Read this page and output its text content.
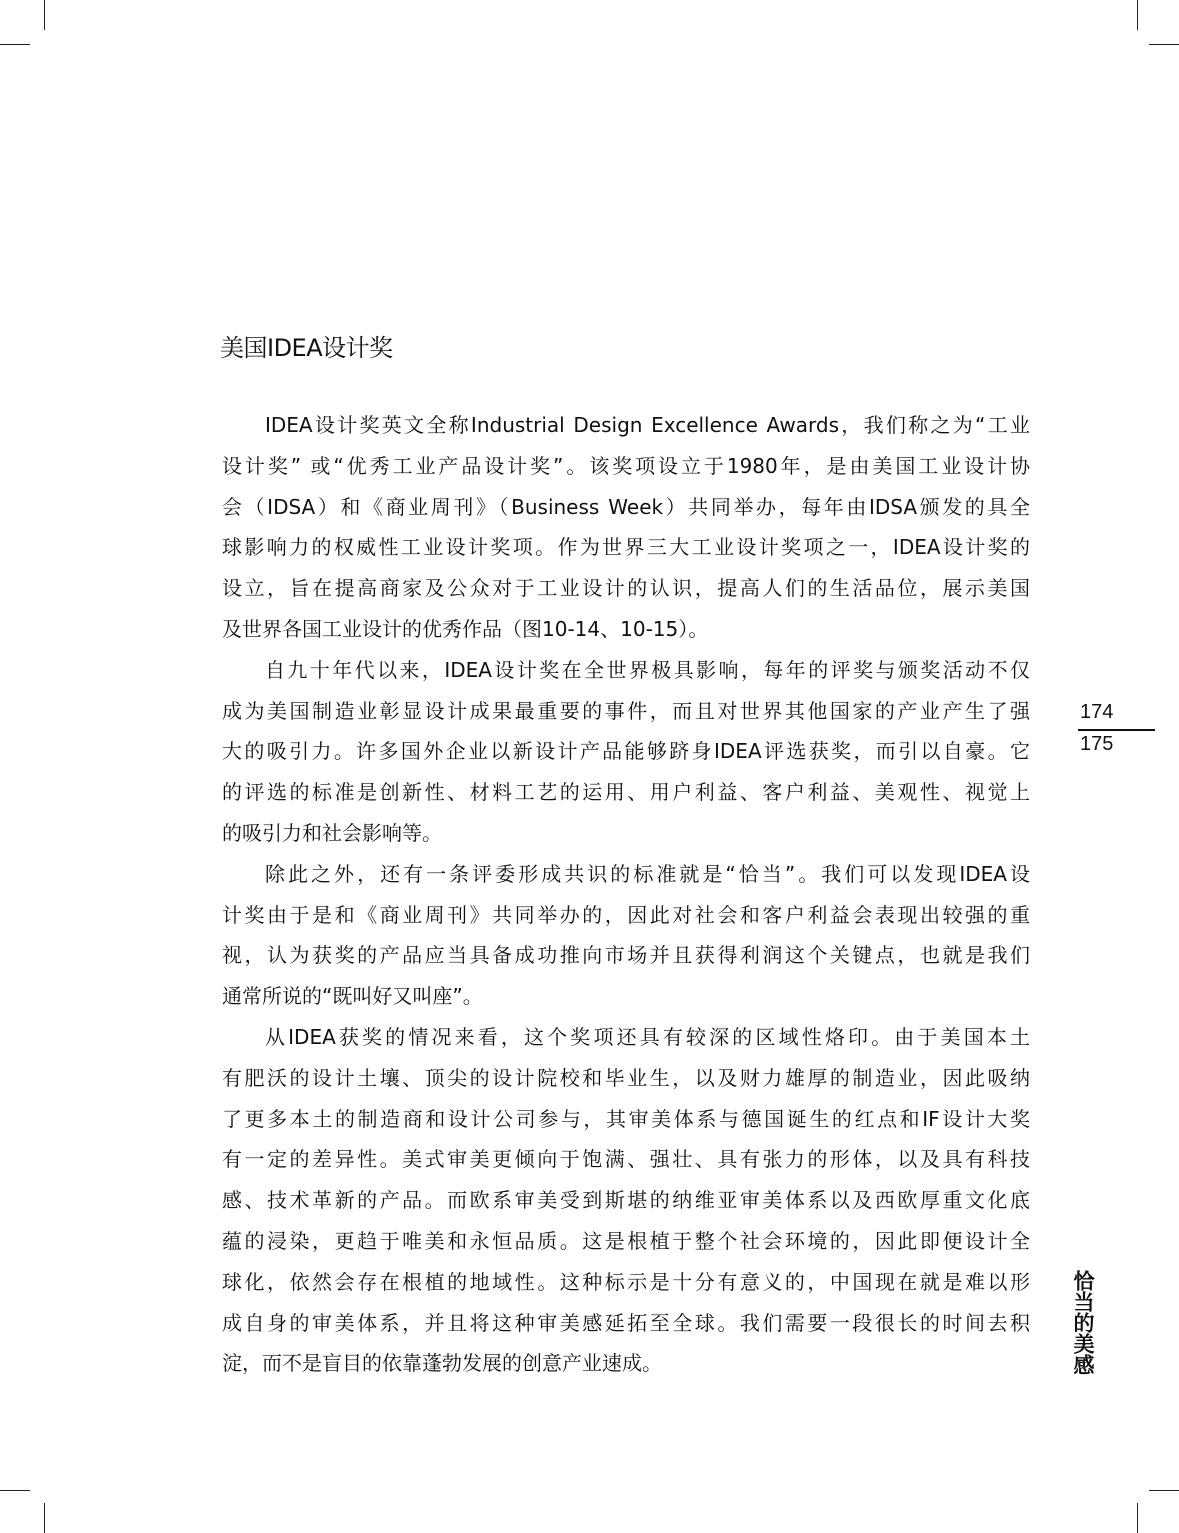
美国IDEA设计奖
IDEA设计奖英文全称Industrial Design Excellence Awards，我们称之为“工业
设计奖” 或“优秀工业产品设计奖”。该奖项设立于1980年，是由美国工业设计协
会（IDSA）和《商业周刊》（Business Week）共同举办，每年由IDSA颁发的具全
球影响力的权威性工业设计奖项。作为世界三大工业设计奖项之一，IDEA设计奖的
设立，旨在提高商家及公众对于工业设计的认识，提高人们的生活品位，展示美国
及世界各国工业设计的优秀作品（图10-14、10-15）。
自九十年代以来，IDEA设计奖在全世界极具影响，每年的评奖与颁奖活动不仅
成为美国制造业彰显设计成果最重要的事件，而且对世界其他国家的产业产生了强
大的吸引力。许多国外企业以新设计产品能够跻身IDEA评选获奖，而引以自豪。它
的评选的标准是创新性、材料工艺的运用、用户利益、客户利益、美观性、视觉上
的吸引力和社会影响等。
除此之外，还有一条评委形成共识的标准就是“恰当”。我们可以发现IDEA设
计奖由于是和《商业周刊》共同举办的，因此对社会和客户利益会表现出较强的重
视，认为获奖的产品应当具备成功推向市场并且获得利润这个关键点，也就是我们
通常所说的“既叫好又叫座”。
从IDEA获奖的情况来看，这个奖项还具有较深的区域性烙印。由于美国本土
有肥沃的设计土壤、顶尖的设计院校和毕业生，以及财力雄厚的制造业，因此吸纳
了更多本土的制造商和设计公司参与，其审美体系与德国诞生的红点和IF设计大奖
有一定的差异性。美式审美更倾向于饱满、强壮、具有张力的形体，以及具有科技
感、技术革新的产品。而欧系审美受到斯堪的纳维亚审美体系以及西欧厚重文化底
蕴的浸染，更趋于唯美和永恒品质。这是根植于整个社会环境的，因此即便设计全
球化，依然会存在根植的地域性。这种标示是十分有意义的，中国现在就是难以形
成自身的审美体系，并且将这种审美感延拓至全球。我们需要一段很长的时间去积
淀，而不是盲目的依靠蓬勃发展的创意产业速成。
174
175
恰当的美感
